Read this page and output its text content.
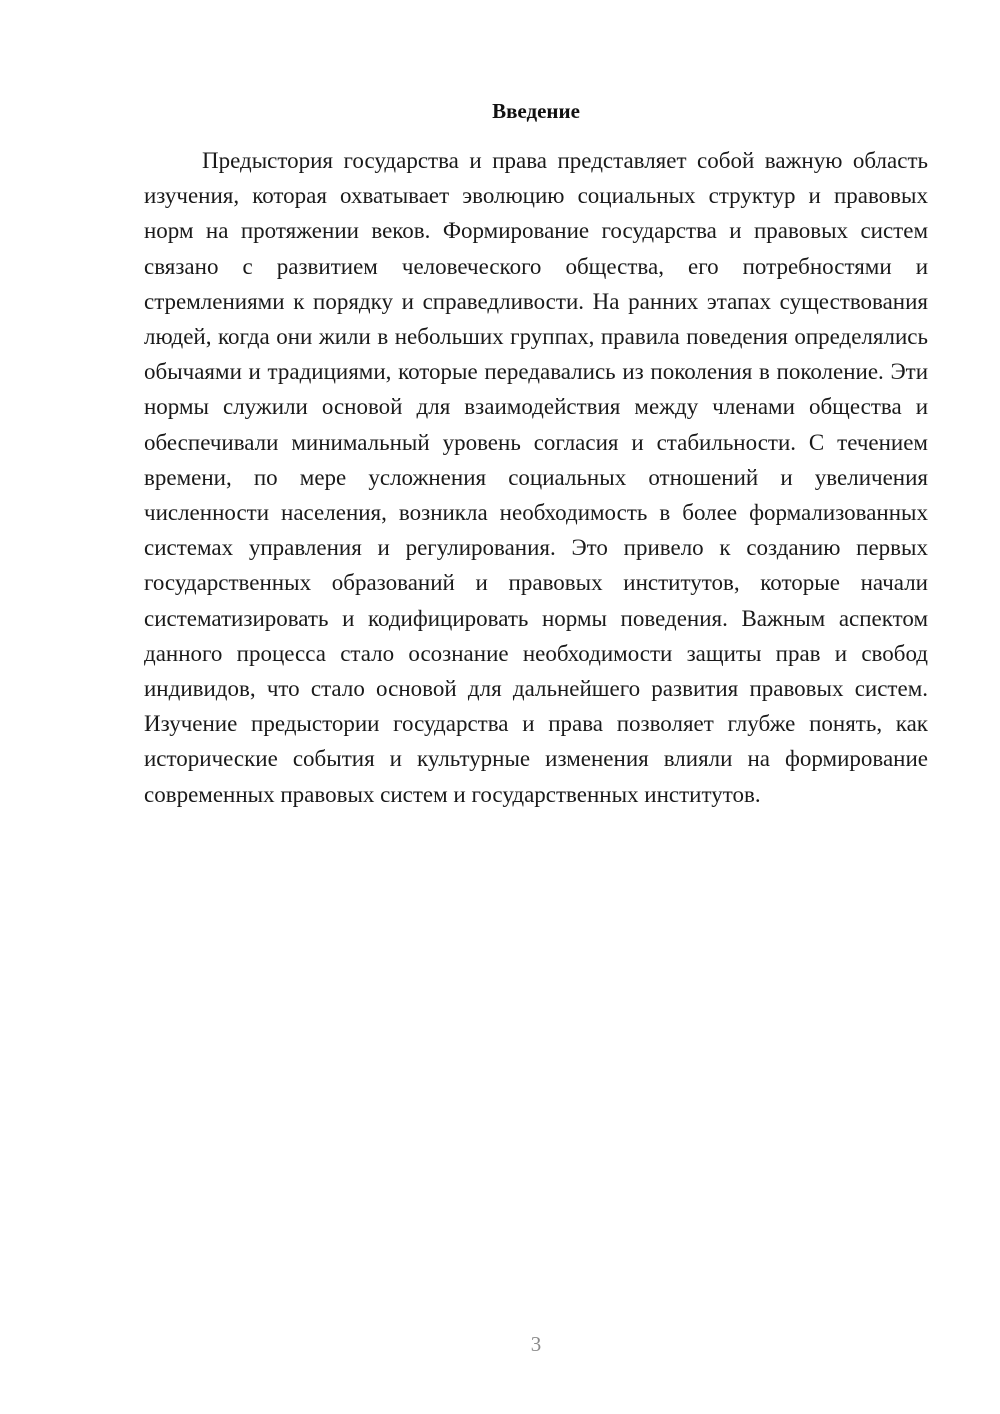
Введение

Предыстория государства и права представляет собой важную область изучения, которая охватывает эволюцию социальных структур и правовых норм на протяжении веков. Формирование государства и правовых систем связано с развитием человеческого общества, его потребностями и стремлениями к порядку и справедливости. На ранних этапах существования людей, когда они жили в небольших группах, правила поведения определялись обычаями и традициями, которые передавались из поколения в поколение. Эти нормы служили основой для взаимодействия между членами общества и обеспечивали минимальный уровень согласия и стабильности. С течением времени, по мере усложнения социальных отношений и увеличения численности населения, возникла необходимость в более формализованных системах управления и регулирования. Это привело к созданию первых государственных образований и правовых институтов, которые начали систематизировать и кодифицировать нормы поведения. Важным аспектом данного процесса стало осознание необходимости защиты прав и свобод индивидов, что стало основой для дальнейшего развития правовых систем. Изучение предыстории государства и права позволяет глубже понять, как исторические события и культурные изменения влияли на формирование современных правовых систем и государственных институтов.

3
